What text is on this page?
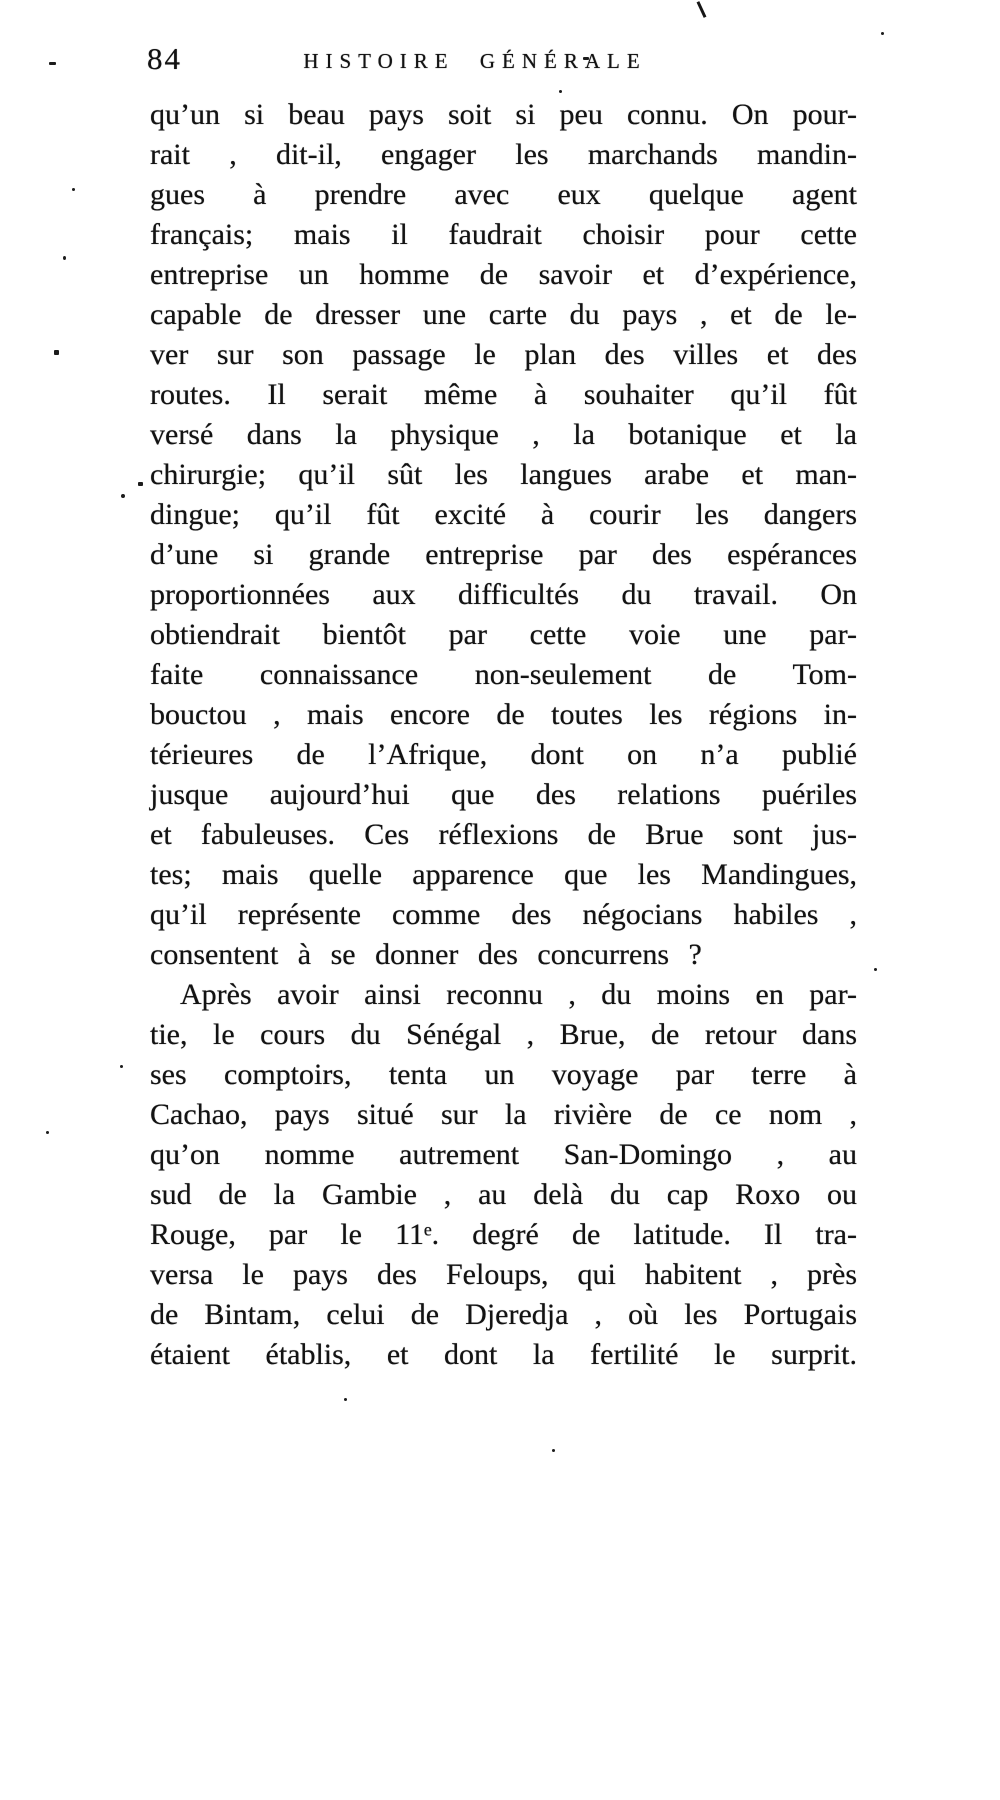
84	HISTOIRE GÉNÉRALE
qu’un si beau pays soit si peu connu. On pour-
rait , dit-il, engager les marchands mandin-
gues à prendre avec eux quelque agent
français; mais il faudrait choisir pour cette
entreprise un homme de savoir et d’expérience,
capable de dresser une carte du pays , et de le-
ver sur son passage le plan des villes et des
routes. Il serait même à souhaiter qu’il fût
versé dans la physique , la botanique et la
chirurgie; qu’il sût les langues arabe et man-
dingue; qu’il fût excité à courir les dangers
d’une si grande entreprise par des espérances
proportionnées aux difficultés du travail. On
obtiendrait bientôt par cette voie une par-
faite connaissance non-seulement de Tom-
bouctou , mais encore de toutes les régions in-
térieures de l’Afrique, dont on n’a publié
jusque aujourd’hui que des relations puériles
et fabuleuses. Ces réflexions de Brue sont jus-
tes; mais quelle apparence que les Mandingues,
qu’il représente comme des négocians habiles ,
consentent à se donner des concurrens ?
Après avoir ainsi reconnu , du moins en par-
tie, le cours du Sénégal , Brue, de retour dans
ses comptoirs, tenta un voyage par terre à
Cachao, pays situé sur la rivière de ce nom ,
qu’on nomme autrement San-Domingo , au
sud de la Gambie , au delà du cap Roxo ou
Rouge, par le 11ᵉ. degré de latitude. Il tra-
versa le pays des Feloups, qui habitent , près
de Bintam, celui de Djeredja , où les Portugais
étaient établis, et dont la fertilité le surprit.
